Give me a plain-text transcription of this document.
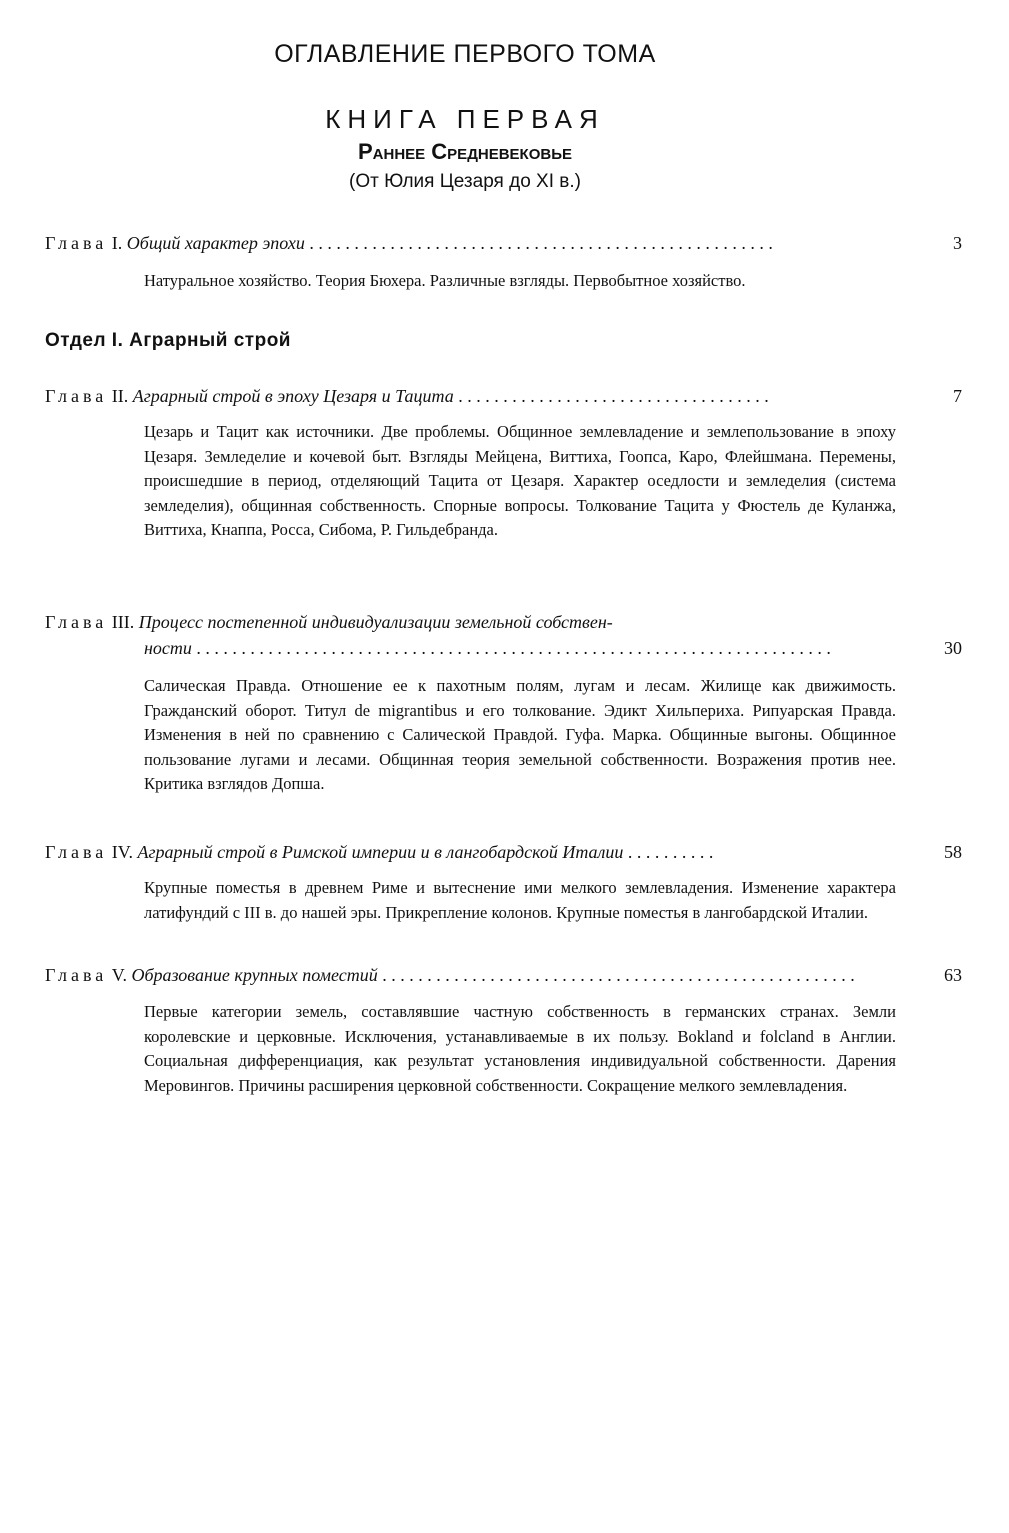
ОГЛАВЛЕНИЕ ПЕРВОГО ТОМА
КНИГА ПЕРВАЯ
Раннее Средневековье
(От Юлия Цезаря до XI в.)
Глава I. Общий характер эпохи . . . . . . . . . . . . . . . . . . . . . . . . . . . . . . . . . . . . . . . . . . . . . . . . . . . .	3
Натуральное хозяйство. Теория Бюхера. Различные взгляды. Первобытное хозяйство.
Отдел I. Аграрный строй
Глава II. Аграрный строй в эпоху Цезаря и Тацита . . . . . . . . . . . . . . . . . . . . . . . . . . . . . . . . . . .	7
Цезарь и Тацит как источники. Две проблемы. Общинное землевладение и землепользование в эпоху Цезаря. Земледелие и кочевой быт. Взгляды Мейцена, Виттиха, Гоопса, Каро, Флейшмана. Перемены, происшедшие в период, отделяющий Тацита от Цезаря. Характер оседлости и земледелия (система земледелия), общинная собственность. Спорные вопросы. Толкование Тацита у Фюстель де Куланжа, Виттиха, Кнаппа, Росса, Сибома, Р. Гильдебранда.
Глава III. Процесс постепенной индивидуализации земельной собствен-
ности . . . . . . . . . . . . . . . . . . . . . . . . . . . . . . . . . . . . . . . . . . . . . . . . . . . . . . . . . . . . . . . . . . . . . . .	30
Салическая Правда. Отношение ее к пахотным полям, лугам и лесам. Жилище как движимость. Гражданский оборот. Титул de migrantibus и его толкование. Эдикт Хильпериха. Рипуарская Правда. Изменения в ней по сравнению с Салической Правдой. Гуфа. Марка. Общинные выгоны. Общинное пользование лугами и лесами. Общинная теория земельной собственности. Возражения против нее. Критика взглядов Допша.
Глава IV. Аграрный строй в Римской империи и в лангобардской Италии . . . . . . . . . .	58
Крупные поместья в древнем Риме и вытеснение ими мелкого землевладения. Изменение характера латифундий с III в. до нашей эры. Прикрепление колонов. Крупные поместья в лангобардской Италии.
Глава V. Образование крупных поместий . . . . . . . . . . . . . . . . . . . . . . . . . . . . . . . . . . . . . . . . . . . . . . . . . . . . .	63
Первые категории земель, составлявшие частную собственность в германских странах. Земли королевские и церковные. Исключения, устанавливаемые в их пользу. Bokland и folcland в Англии. Социальная дифференциация, как результат установления индивидуальной собственности. Дарения Меровингов. Причины расширения церковной собственности. Сокращение мелкого землевладения.
